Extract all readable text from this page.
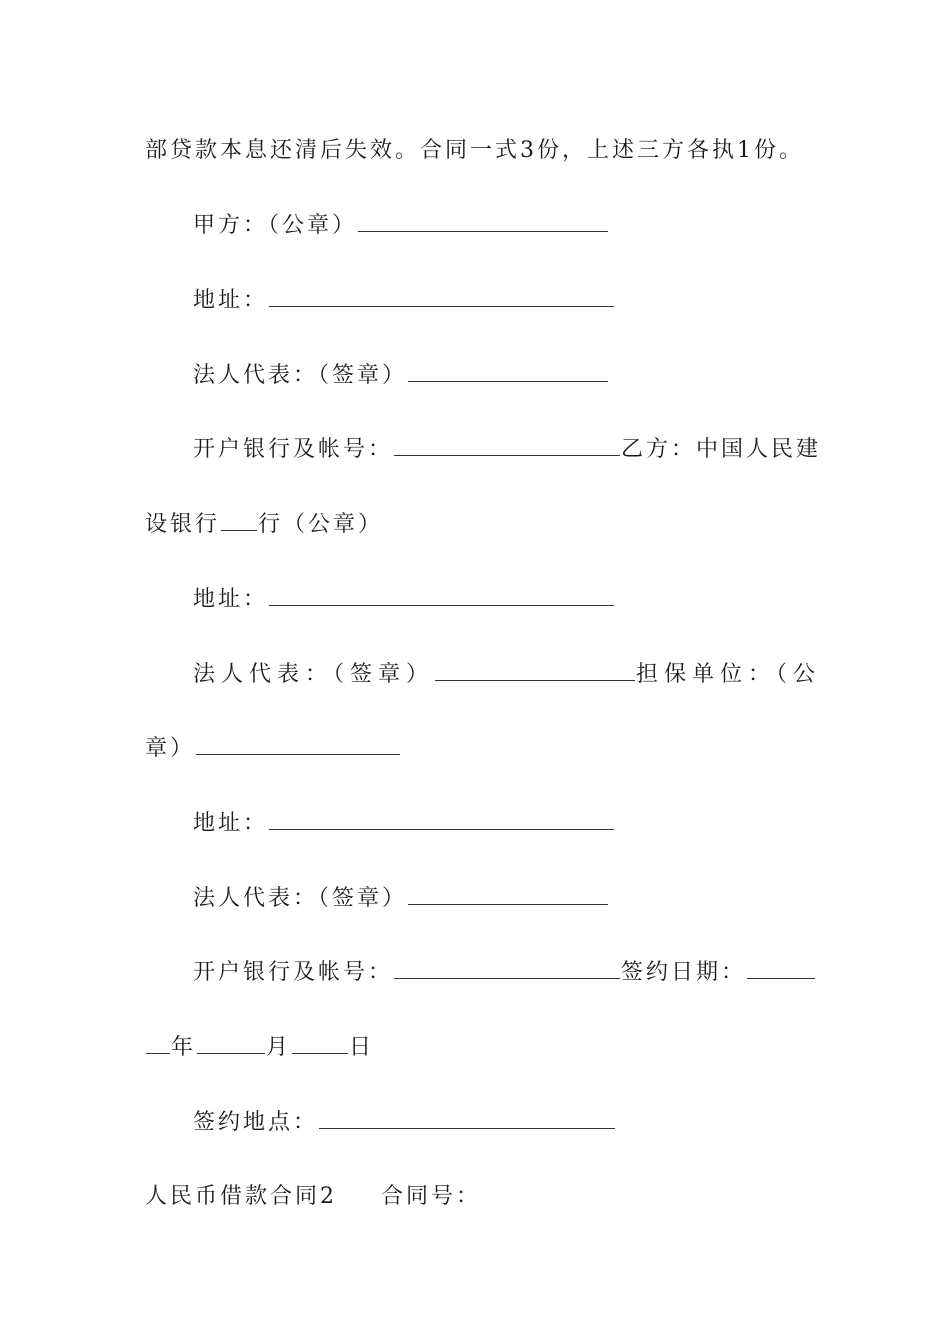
部贷款本息还清后失效。合同一式3份，上述三方各执1份。
甲方：（公章）
地址：
法人代表：（签章）
开户银行及帐号：	乙方：中国人民建
设银行 行（公章）
地址：
法人代表：（签章）	担保单位：（公
章）
地址：
法人代表：（签章）
开户银行及帐号：	签约日期：
年	月	日
签约地点：
人民币借款合同2 合同号：
